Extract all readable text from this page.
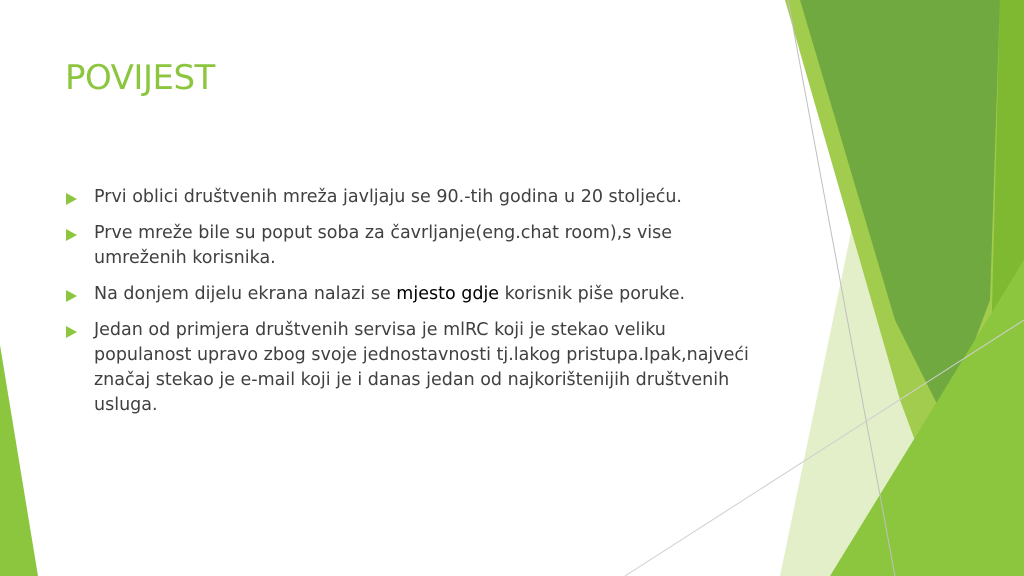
POVIJEST
Prvi oblici društvenih mreža javljaju se 90.-tih godina u 20 stoljeću.
Prve mreže bile su poput soba za čavrljanje(eng.chat room),s vise umreženih korisnika.
Na donjem dijelu ekrana nalazi se mjesto gdje korisnik piše poruke.
Jedan od primjera društvenih servisa je mlRC koji je stekao veliku populanost upravo zbog svoje jednostavnosti tj.lakog pristupa.Ipak,najveći značaj stekao je e-mail koji je i danas jedan od najkorištenijih društvenih usluga.
